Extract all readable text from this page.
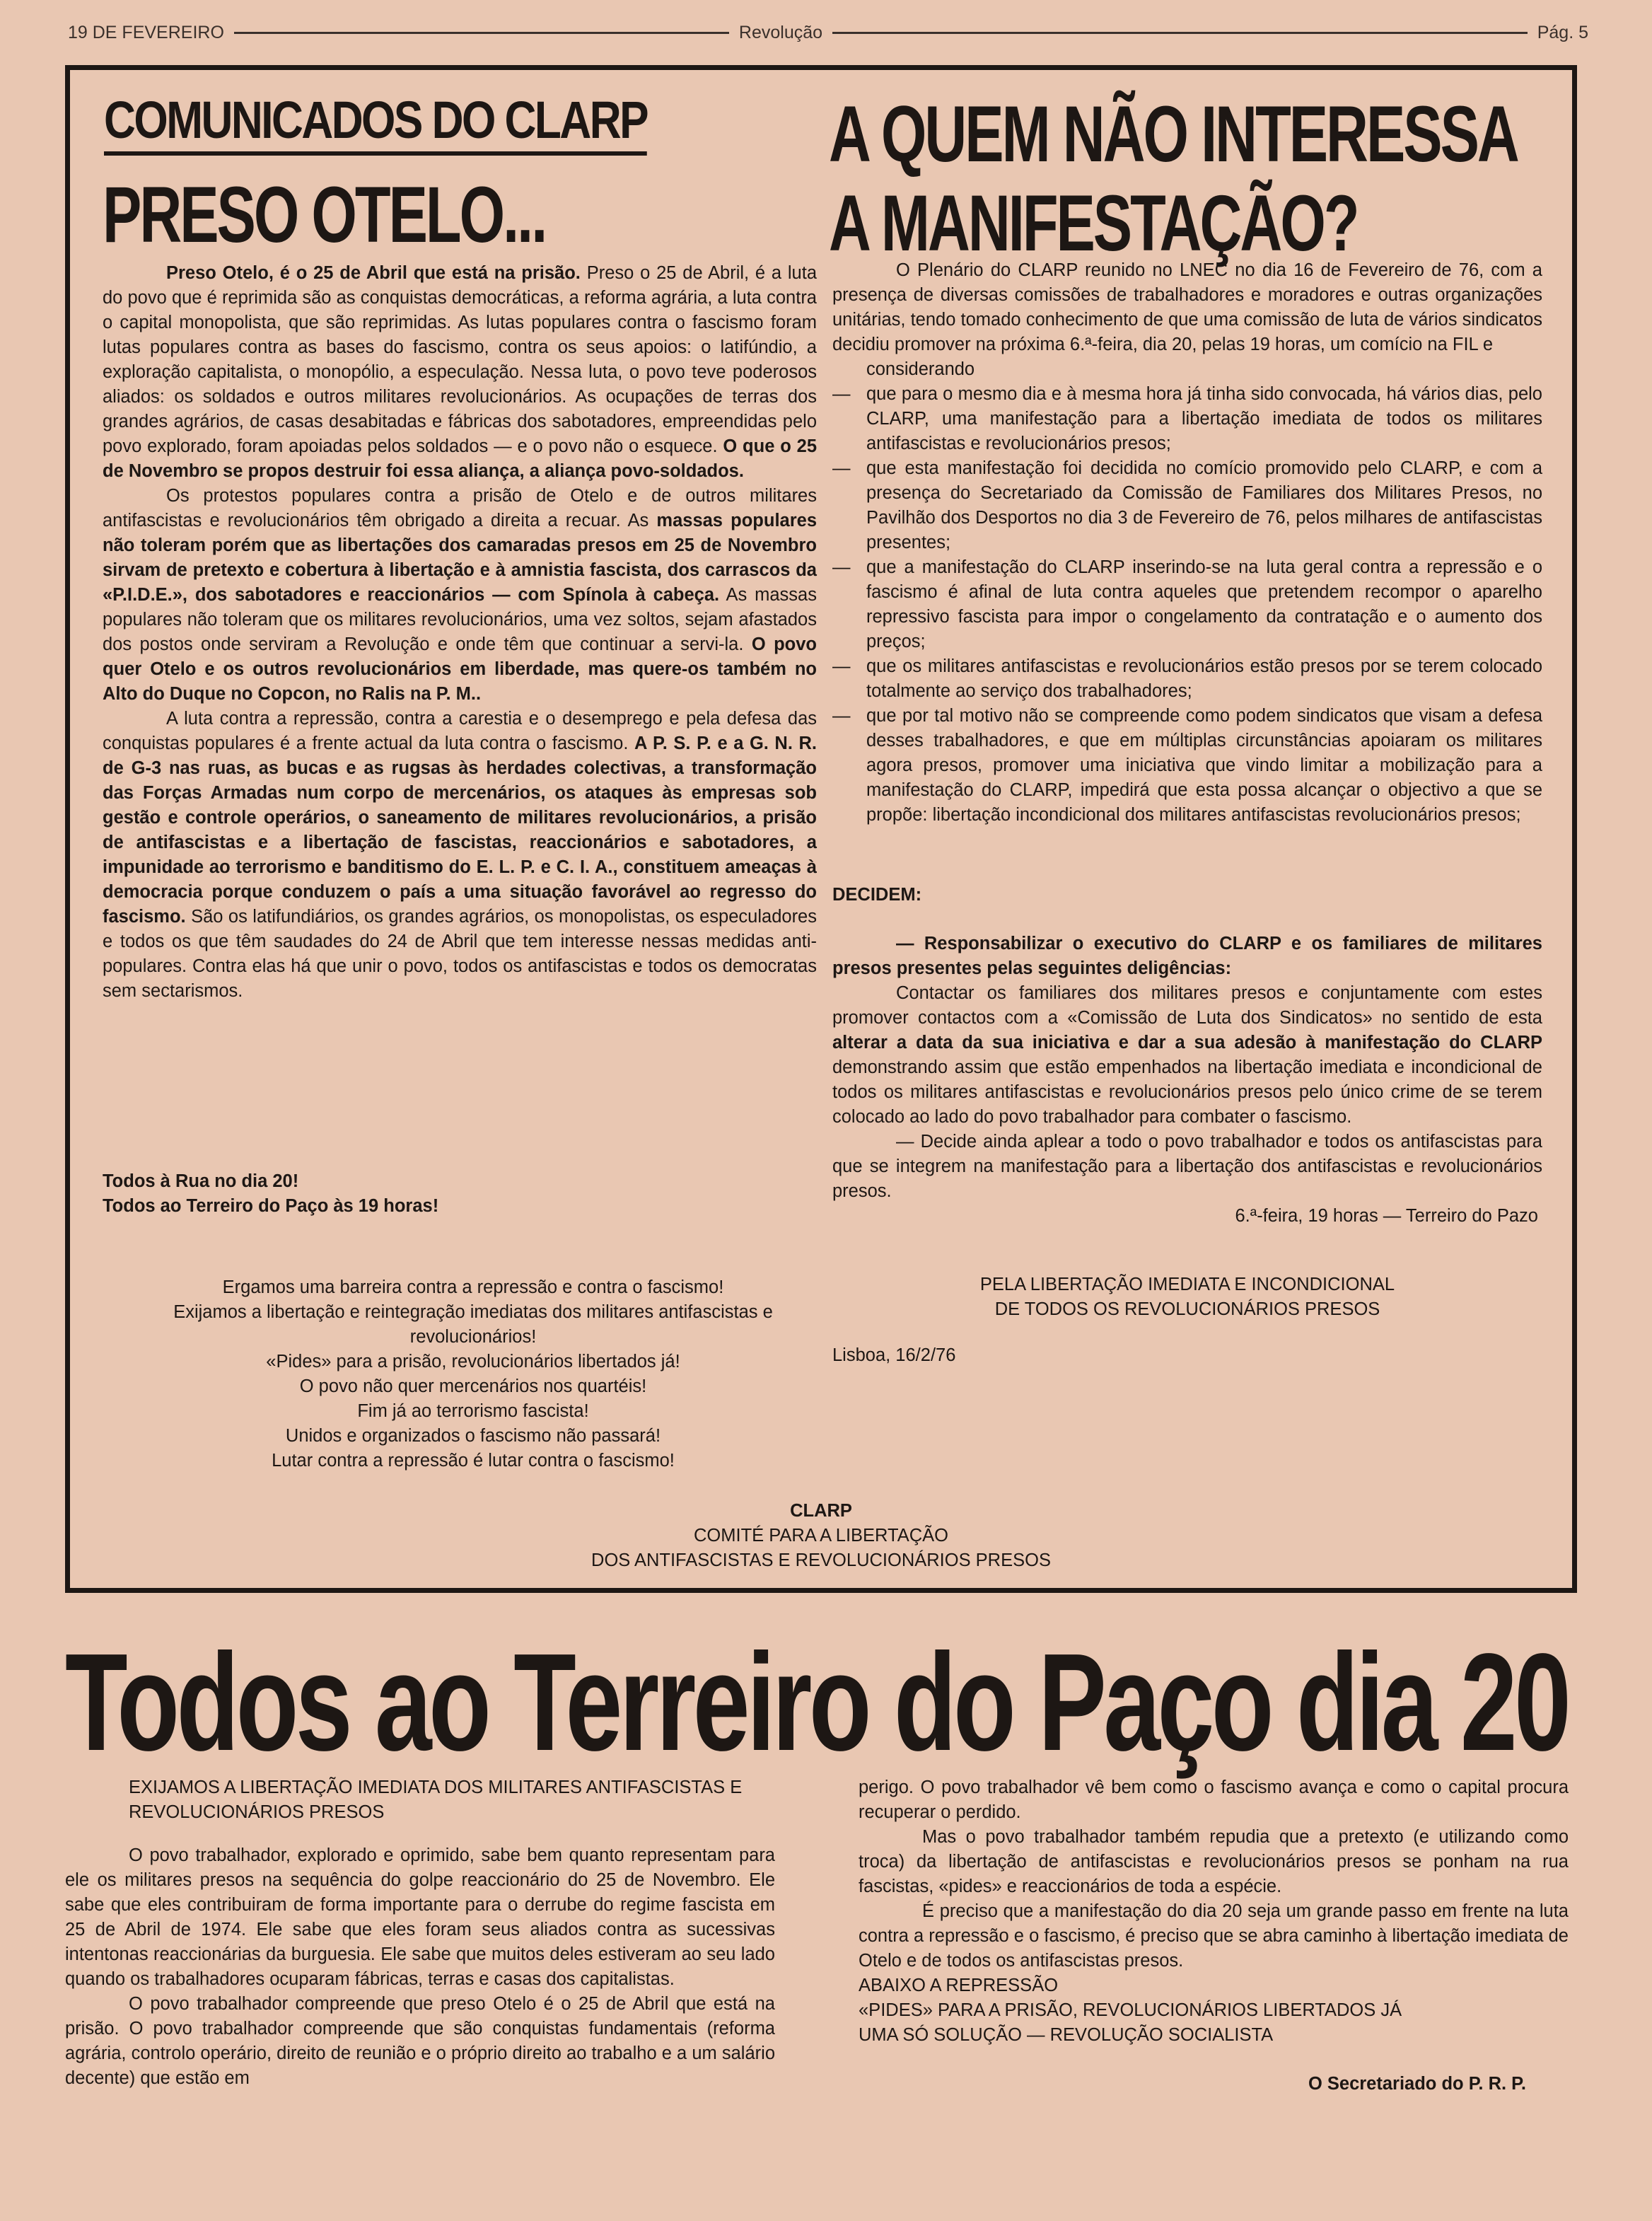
19 DE FEVEREIRO	Revolução	Pág. 5
COMUNICADOS DO CLARP
PRESO OTELO...
A QUEM NÃO INTERESSA
A MANIFESTAÇÃO?

Preso Otelo, é o 25 de Abril que está na prisão. Preso o 25 de Abril, é a luta do povo que é reprimida são as conquistas democráticas, a reforma agrária, a luta contra o capital monopolista, que são reprimidas. As lutas populares contra o fascismo foram lutas populares contra as bases do fascismo, contra os seus apoios: o latifúndio, a exploração capitalista, o monopólio, a especulação. Nessa luta, o povo teve poderosos aliados: os soldados e outros militares revolucionários. As ocupações de terras dos grandes agrários, de casas desabitadas e fábricas dos sabotadores, empreendidas pelo povo explorado, foram apoiadas pelos soldados — e o povo não o esquece. O que o 25 de Novembro se propos destruir foi essa aliança, a aliança povo-soldados.

Os protestos populares contra a prisão de Otelo e de outros militares antifascistas e revolucionários têm obrigado a direita a recuar. As massas populares não toleram porém que as libertações dos camaradas presos em 25 de Novembro sirvam de pretexto e cobertura à libertação e à amnistia fascista, dos carrascos da «P.I.D.E.», dos sabotadores e reaccionários — com Spínola à cabeça. As massas populares não toleram que os militares revolucionários, uma vez soltos, sejam afastados dos postos onde serviram a Revolução e onde têm que continuar a servi-la. O povo quer Otelo e os outros revolucionários em liberdade, mas quere-os também no Alto do Duque no Copcon, no Ralis na P. M..

A luta contra a repressão, contra a carestia e o desemprego e pela defesa das conquistas populares é a frente actual da luta contra o fascismo. A P. S. P. e a G. N. R. de G-3 nas ruas, as bucas e as rugsas às herdades colectivas, a transformação das Forças Armadas num corpo de mercenários, os ataques às empresas sob gestão e controle operários, o saneamento de militares revolucionários, a prisão de antifascistas e a libertação de fascistas, reaccionários e sabotadores, a impunidade ao terrorismo e banditismo do E. L. P. e C. I. A., constituem ameaças à democracia porque conduzem o país a uma situação favorável ao regresso do fascismo. São os latifundiários, os grandes agrários, os monopolistas, os especuladores e todos os que têm saudades do 24 de Abril que tem interesse nessas medidas anti-populares. Contra elas há que unir o povo, todos os antifascistas e todos os democratas sem sectarismos.

Todos à Rua no dia 20!
Todos ao Terreiro do Paço às 19 horas!
Ergamos uma barreira contra a repressão e contra o fascismo!
Exijamos a libertação e reintegração imediatas dos militares antifascistas e revolucionários!
«Pides» para a prisão, revolucionários libertados já!
O povo não quer mercenários nos quartéis!
Fim já ao terrorismo fascista!
Unidos e organizados o fascismo não passará!
Lutar contra a repressão é lutar contra o fascismo!

O Plenário do CLARP reunido no LNEC no dia 16 de Fevereiro de 76, com a presença de diversas comissões de trabalhadores e moradores e outras organizações unitárias, tendo tomado conhecimento de que uma comissão de luta de vários sindicatos decidiu promover na próxima 6.ª-feira, dia 20, pelas 19 horas, um comício na FIL e

considerando

— que para o mesmo dia e à mesma hora já tinha sido convocada, há vários dias, pelo CLARP, uma manifestação para a libertação imediata de todos os militares antifascistas e revolucionários presos;
— que esta manifestação foi decidida no comício promovido pelo CLARP, e com a presença do Secretariado da Comissão de Familiares dos Militares Presos, no Pavilhão dos Desportos no dia 3 de Fevereiro de 76, pelos milhares de antifascistas presentes;
— que a manifestação do CLARP inserindo-se na luta geral contra a repressão e o fascismo é afinal de luta contra aqueles que pretendem recompor o aparelho repressivo fascista para impor o congelamento da contratação e o aumento dos preços;
— que os militares antifascistas e revolucionários estão presos por se terem colocado totalmente ao serviço dos trabalhadores;
— que por tal motivo não se compreende como podem sindicatos que visam a defesa desses trabalhadores, e que em múltiplas circunstâncias apoiaram os militares agora presos, promover uma iniciativa que vindo limitar a mobilização para a manifestação do CLARP, impedirá que esta possa alcançar o objectivo a que se propõe: libertação incondicional dos militares antifascistas revolucionários presos;

DECIDEM:

— Responsabilizar o executivo do CLARP e os familiares de militares presos presentes pelas seguintes deligências:

Contactar os familiares dos militares presos e conjuntamente com estes promover contactos com a «Comissão de Luta dos Sindicatos» no sentido de esta alterar a data da sua iniciativa e dar a sua adesão à manifestação do CLARP demonstrando assim que estão empenhados na libertação imediata e incondicional de todos os militares antifascistas e revolucionários presos pelo único crime de se terem colocado ao lado do povo trabalhador para combater o fascismo.

— Decide ainda aplear a todo o povo trabalhador e todos os antifascistas para que se integrem na manifestação para a libertação dos antifascistas e revolucionários presos.

6.ª-feira, 19 horas — Terreiro do Pazo

PELA LIBERTAÇÃO IMEDIATA E INCONDICIONAL

DE TODOS OS REVOLUCIONÁRIOS PRESOS

Lisboa, 16/2/76

CLARP
COMITÉ PARA A LIBERTAÇÃO
DOS ANTIFASCISTAS E REVOLUCIONÁRIOS PRESOS
Todos ao Terreiro do Paço dia 20

EXIJAMOS A LIBERTAÇÃO IMEDIATA DOS MILITARES ANTIFASCISTAS E REVOLUCIONÁRIOS PRESOS

O povo trabalhador, explorado e oprimido, sabe bem quanto representam para ele os militares presos na sequência do golpe reaccionário do 25 de Novembro. Ele sabe que eles contribuiram de forma importante para o derrube do regime fascista em 25 de Abril de 1974. Ele sabe que eles foram seus aliados contra as sucessivas intentonas reaccionárias da burguesia. Ele sabe que muitos deles estiveram ao seu lado quando os trabalhadores ocuparam fábricas, terras e casas dos capitalistas.

O povo trabalhador compreende que preso Otelo é o 25 de Abril que está na prisão. O povo trabalhador compreende que são conquistas fundamentais (reforma agrária, controlo operário, direito de reunião e o próprio direito ao trabalho e a um salário decente) que estão em

perigo. O povo trabalhador vê bem como o fascismo avança e como o capital procura recuperar o perdido.

Mas o povo trabalhador também repudia que a pretexto (e utilizando como troca) da libertação de antifascistas e revolucionários presos se ponham na rua fascistas, «pides» e reaccionários de toda a espécie.

É preciso que a manifestação do dia 20 seja um grande passo em frente na luta contra a repressão e o fascismo, é preciso que se abra caminho à libertação imediata de Otelo e de todos os antifascistas presos.

ABAIXO A REPRESSÃO

«PIDES» PARA A PRISÃO, REVOLUCIONÁRIOS LIBERTADOS JÁ

UMA SÓ SOLUÇÃO — REVOLUÇÃO SOCIALISTA

O Secretariado do P. R. P.
